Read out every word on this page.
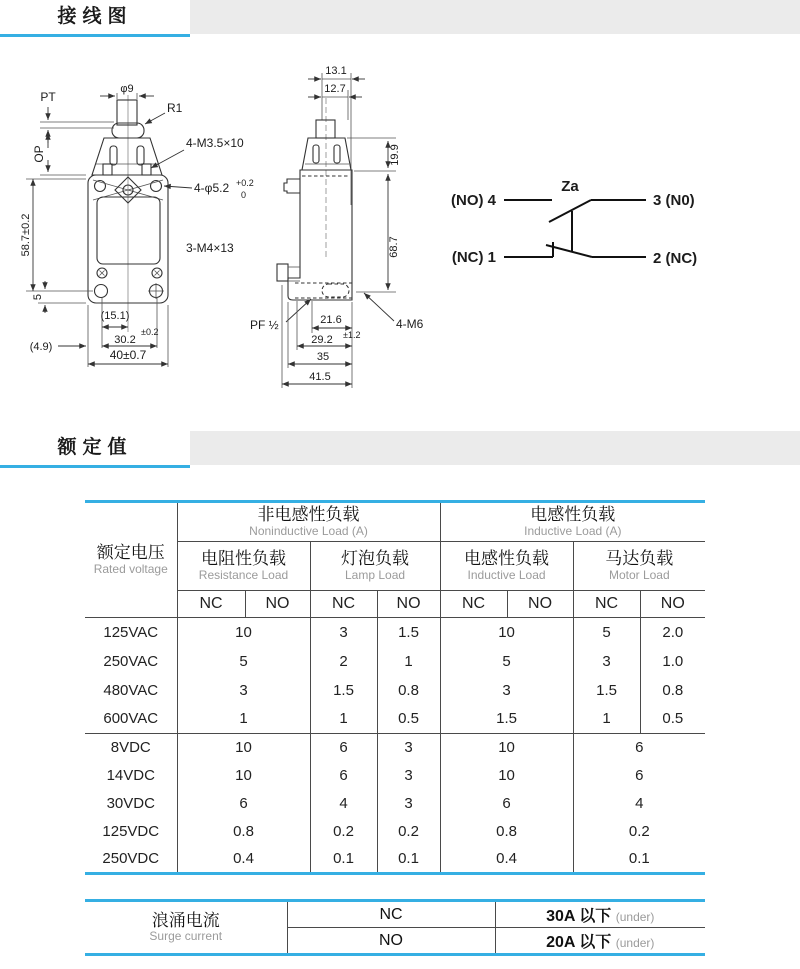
接线图
PT
φ9
R1
OP
4-M3.5×10
4-φ5.2 +0.2
0
3-M4×13
58.7±0.2
5
(15.1)
±0.2
30.2
(4.9)
40±0.7
13.1
12.7
19.9
68.7
PF ½	4-M6
21.6
±1.2
29.2
35
41.5
(NO) 4
Za
3 (N0)
(NC) 1	2 (NC)
额定值
额定电压
Rated voltage

非电感性负载
Noninductive Load (A)

电感性负载
Inductive Load (A)

电阻性负载
Resistance Load

灯泡负载
Lamp Load

电感性负载
Inductive Load

马达负载
Motor Load

	NC	NO	NC	NO	NC	NO	NC	NO
125VAC	10		3	1.5	10		5	2.0
250VAC	5		2	1	5		3	1.0
480VAC	3		1.5	0.8	3		1.5	0.8
600VAC	1		1	0.5	1.5		1	0.5
8VDC	10		6	3	10		6	
14VDC	10		6	3	10		6	
30VDC	6		4	3	6		4	
125VDC	0.8		0.2	0.2	0.8		0.2	
250VDC	0.4		0.1	0.1	0.4		0.1	
浪涌电流
Surge current	NC	30A 以下 (under)
	NO	20A 以下 (under)
